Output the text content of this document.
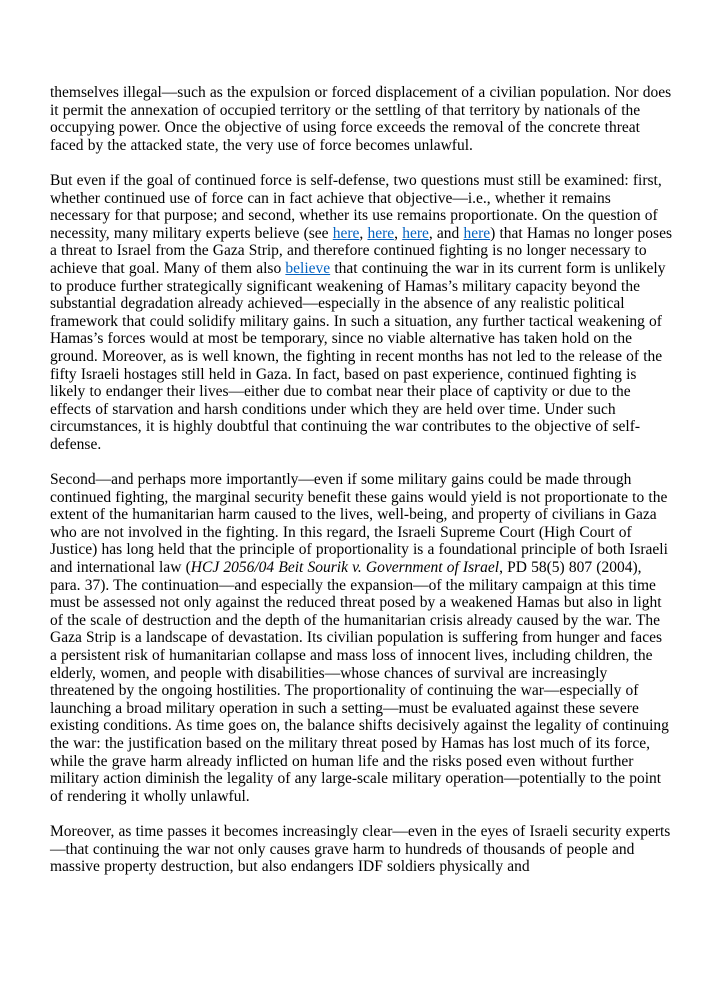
themselves illegal—such as the expulsion or forced displacement of a civilian population. Nor does it permit the annexation of occupied territory or the settling of that territory by nationals of the occupying power. Once the objective of using force exceeds the removal of the concrete threat faced by the attacked state, the very use of force becomes unlawful.

But even if the goal of continued force is self-defense, two questions must still be examined: first, whether continued use of force can in fact achieve that objective—i.e., whether it remains necessary for that purpose; and second, whether its use remains proportionate. On the question of necessity, many military experts believe (see here, here, here, and here) that Hamas no longer poses a threat to Israel from the Gaza Strip, and therefore continued fighting is no longer necessary to achieve that goal. Many of them also believe that continuing the war in its current form is unlikely to produce further strategically significant weakening of Hamas’s military capacity beyond the substantial degradation already achieved—especially in the absence of any realistic political framework that could solidify military gains. In such a situation, any further tactical weakening of Hamas’s forces would at most be temporary, since no viable alternative has taken hold on the ground. Moreover, as is well known, the fighting in recent months has not led to the release of the fifty Israeli hostages still held in Gaza. In fact, based on past experience, continued fighting is likely to endanger their lives—either due to combat near their place of captivity or due to the effects of starvation and harsh conditions under which they are held over time. Under such circumstances, it is highly doubtful that continuing the war contributes to the objective of self-defense.

Second—and perhaps more importantly—even if some military gains could be made through continued fighting, the marginal security benefit these gains would yield is not proportionate to the extent of the humanitarian harm caused to the lives, well-being, and property of civilians in Gaza who are not involved in the fighting. In this regard, the Israeli Supreme Court (High Court of Justice) has long held that the principle of proportionality is a foundational principle of both Israeli and international law (HCJ 2056/04 Beit Sourik v. Government of Israel, PD 58(5) 807 (2004), para. 37). The continuation—and especially the expansion—of the military campaign at this time must be assessed not only against the reduced threat posed by a weakened Hamas but also in light of the scale of destruction and the depth of the humanitarian crisis already caused by the war. The Gaza Strip is a landscape of devastation. Its civilian population is suffering from hunger and faces a persistent risk of humanitarian collapse and mass loss of innocent lives, including children, the elderly, women, and people with disabilities—whose chances of survival are increasingly threatened by the ongoing hostilities. The proportionality of continuing the war—especially of launching a broad military operation in such a setting—must be evaluated against these severe existing conditions. As time goes on, the balance shifts decisively against the legality of continuing the war: the justification based on the military threat posed by Hamas has lost much of its force, while the grave harm already inflicted on human life and the risks posed even without further military action diminish the legality of any large-scale military operation—potentially to the point of rendering it wholly unlawful.

Moreover, as time passes it becomes increasingly clear—even in the eyes of Israeli security experts—that continuing the war not only causes grave harm to hundreds of thousands of people and massive property destruction, but also endangers IDF soldiers physically and
